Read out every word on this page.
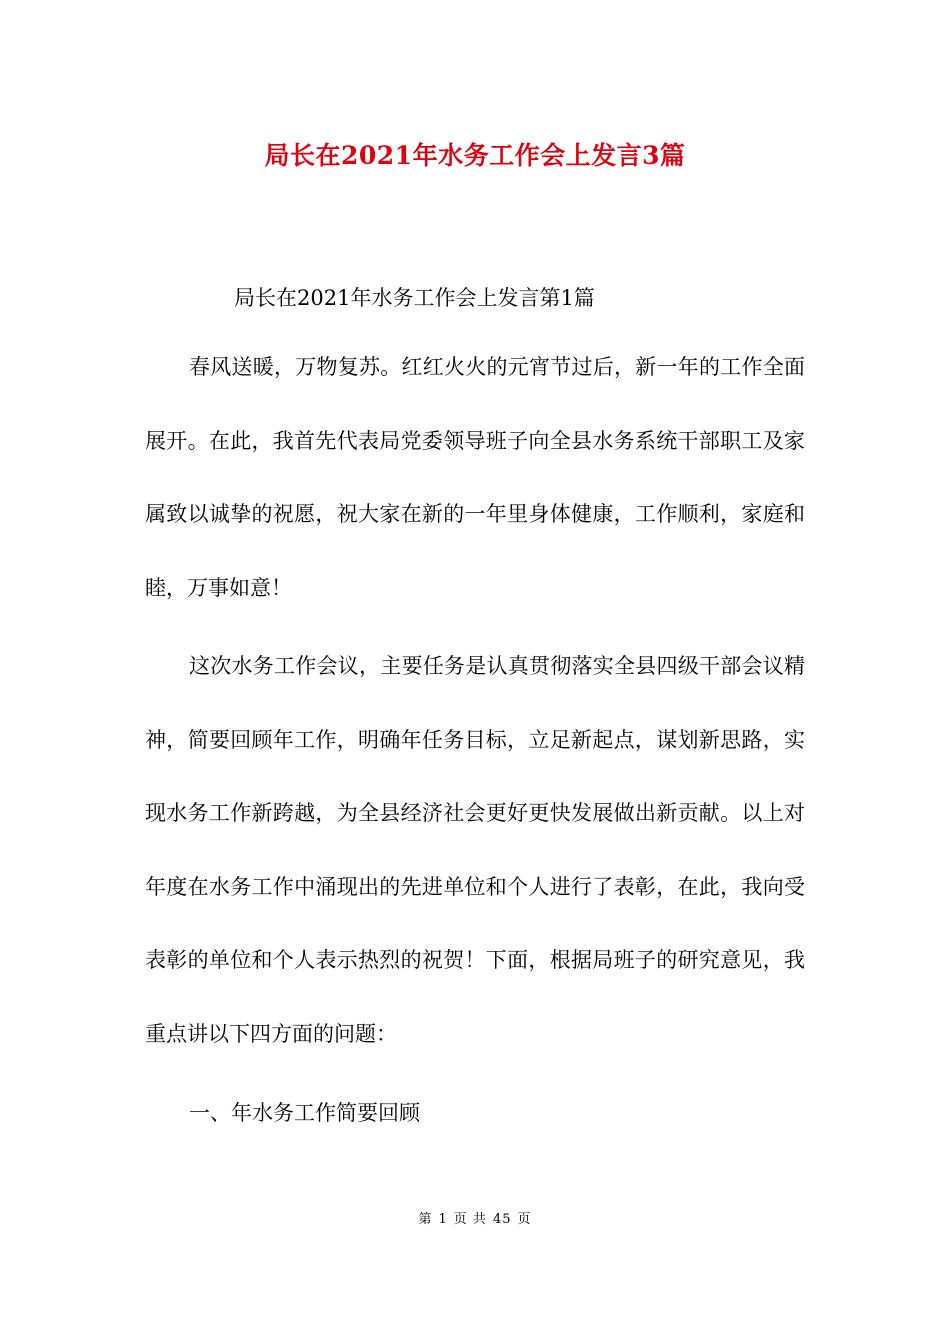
局长在2021年水务工作会上发言3篇
局长在2021年水务工作会上发言第1篇
春风送暖，万物复苏。红红火火的元宵节过后，新一年的工作全面展开。在此，我首先代表局党委领导班子向全县水务系统干部职工及家属致以诚挚的祝愿，祝大家在新的一年里身体健康，工作顺利，家庭和睦，万事如意！
这次水务工作会议，主要任务是认真贯彻落实全县四级干部会议精神，简要回顾年工作，明确年任务目标，立足新起点，谋划新思路，实现水务工作新跨越，为全县经济社会更好更快发展做出新贡献。以上对年度在水务工作中涌现出的先进单位和个人进行了表彰，在此，我向受表彰的单位和个人表示热烈的祝贺！下面，根据局班子的研究意见，我重点讲以下四方面的问题：
一、年水务工作简要回顾
第 1 页 共 45 页
